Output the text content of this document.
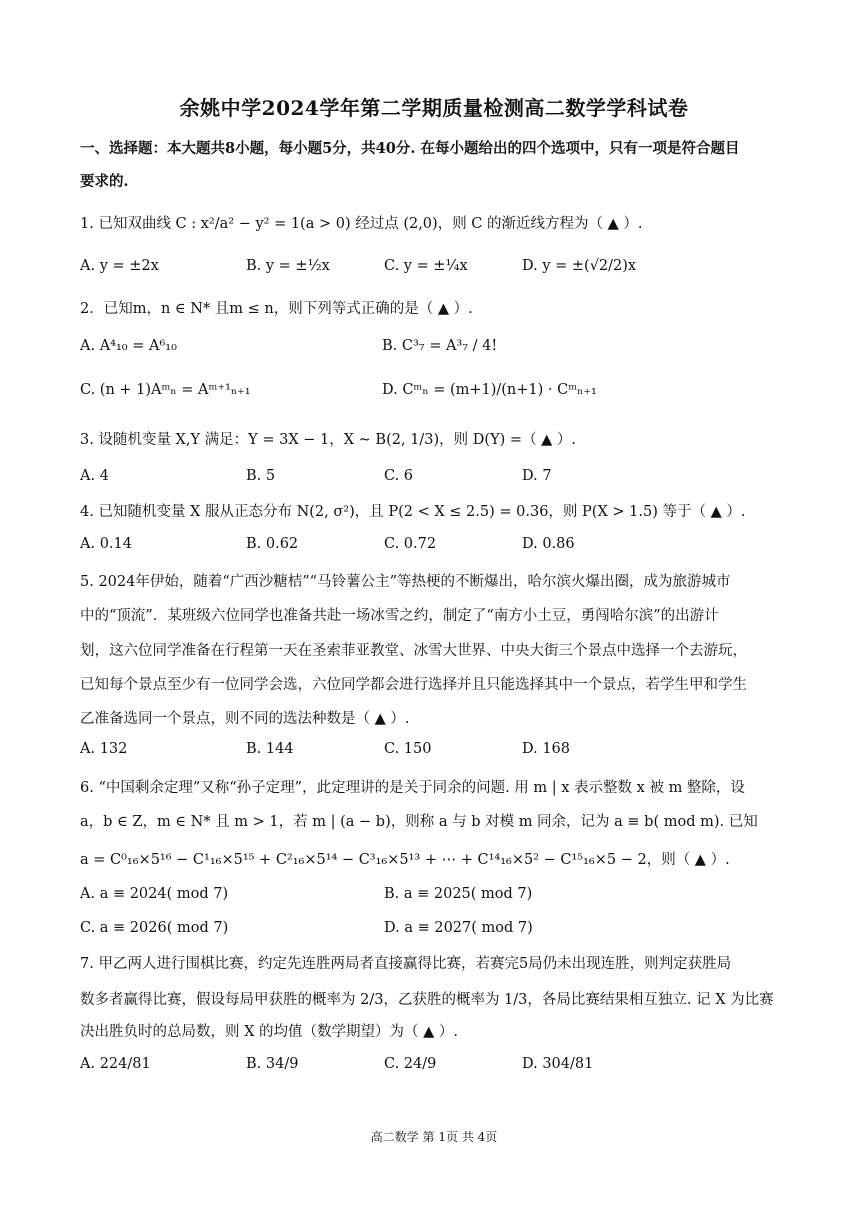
余姚中学2024学年第二学期质量检测高二数学学科试卷
一、选择题：本大题共8小题，每小题5分，共40分. 在每小题给出的四个选项中，只有一项是符合题目
要求的.
1. 已知双曲线 C : x²/a² − y² = 1(a > 0) 经过点 (2,0)，则 C 的渐近线方程为（ ▲ ）.
A. y = ±2x	B. y = ±½x	C. y = ±¼x	D. y = ±(√2/2)x
2．已知m，n ∈ N* 且m ≤ n，则下列等式正确的是（ ▲ ）.
A. A⁴₁₀ = A⁶₁₀	B. C³₇ = A³₇ / 4!
C. (n + 1)Aᵐₙ = Aᵐ⁺¹ₙ₊₁	D. Cᵐₙ = (m+1)/(n+1) · Cᵐₙ₊₁
3. 设随机变量 X,Y 满足：Y = 3X − 1，X ~ B(2, 1/3)，则 D(Y) =（ ▲ ）.
A. 4	B. 5	C. 6	D. 7
4. 已知随机变量 X 服从正态分布 N(2, σ²)，且 P(2 < X ≤ 2.5) = 0.36，则 P(X > 1.5) 等于（ ▲ ）.
A. 0.14	B. 0.62	C. 0.72	D. 0.86
5. 2024年伊始，随着“广西沙糖桔”“马铃薯公主”等热梗的不断爆出，哈尔滨火爆出圈，成为旅游城市
中的“顶流”．某班级六位同学也准备共赴一场冰雪之约，制定了“南方小土豆，勇闯哈尔滨”的出游计
划，这六位同学准备在行程第一天在圣索菲亚教堂、冰雪大世界、中央大街三个景点中选择一个去游玩，
已知每个景点至少有一位同学会选，六位同学都会进行选择并且只能选择其中一个景点，若学生甲和学生
乙准备选同一个景点，则不同的选法种数是（ ▲ ）.
A. 132	B. 144	C. 150	D. 168
6. “中国剩余定理”又称“孙子定理”，此定理讲的是关于同余的问题. 用 m | x 表示整数 x 被 m 整除，设
a，b ∈ Z，m ∈ N* 且 m > 1，若 m | (a − b)，则称 a 与 b 对模 m 同余，记为 a ≡ b( mod m). 已知
a = C⁰₁₆×5¹⁶ − C¹₁₆×5¹⁵ + C²₁₆×5¹⁴ − C³₁₆×5¹³ + ⋯ + C¹⁴₁₆×5² − C¹⁵₁₆×5 − 2，则（ ▲ ）.
A. a ≡ 2024( mod 7)	B. a ≡ 2025( mod 7)
C. a ≡ 2026( mod 7)	D. a ≡ 2027( mod 7)
7. 甲乙两人进行围棋比赛，约定先连胜两局者直接赢得比赛，若赛完5局仍未出现连胜，则判定获胜局
数多者赢得比赛，假设每局甲获胜的概率为 2/3，乙获胜的概率为 1/3，各局比赛结果相互独立. 记 X 为比赛
决出胜负时的总局数，则 X 的均值（数学期望）为（ ▲ ）.
A. 224/81	B. 34/9	C. 24/9	D. 304/81
高二数学 第 1页 共 4页
